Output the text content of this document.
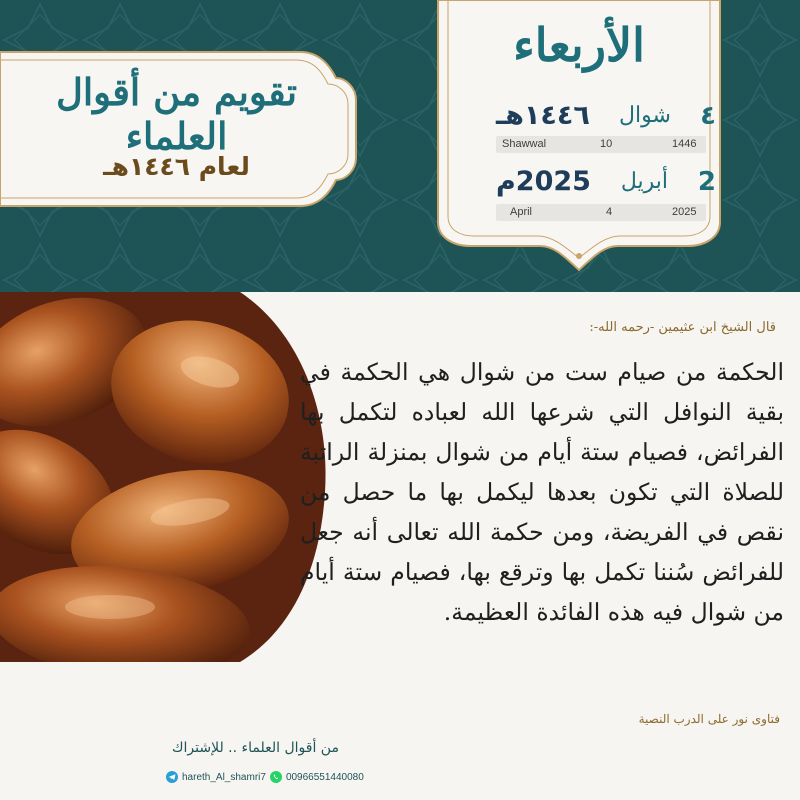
تقويم من أقوال العلماء
لعام ١٤٤٦هـ
الأربعاء
٤
شوال
١٤٤٦هـ
Shawwal	10	1446
2
أبريل
2025م
April	4	2025
قال الشيخ ابن عثيمين -رحمه الله-:
الحكمة من صيام ست من شوال هي الحكمة في بقية النوافل التي شرعها الله لعباده لتكمل بها الفرائض، فصيام ستة أيام من شوال بمنزلة الراتبة للصلاة التي تكون بعدها ليكمل بها ما حصل من نقص في الفريضة، ومن حكمة الله تعالى أنه جعل للفرائض سُننا تكمل بها وترقع بها، فصيام ستة أيام من شوال فيه هذه الفائدة العظيمة.
فتاوى نور على الدرب النصية
من أقوال العلماء .. للإشتراك
hareth_Al_shamri7 00966551440080
